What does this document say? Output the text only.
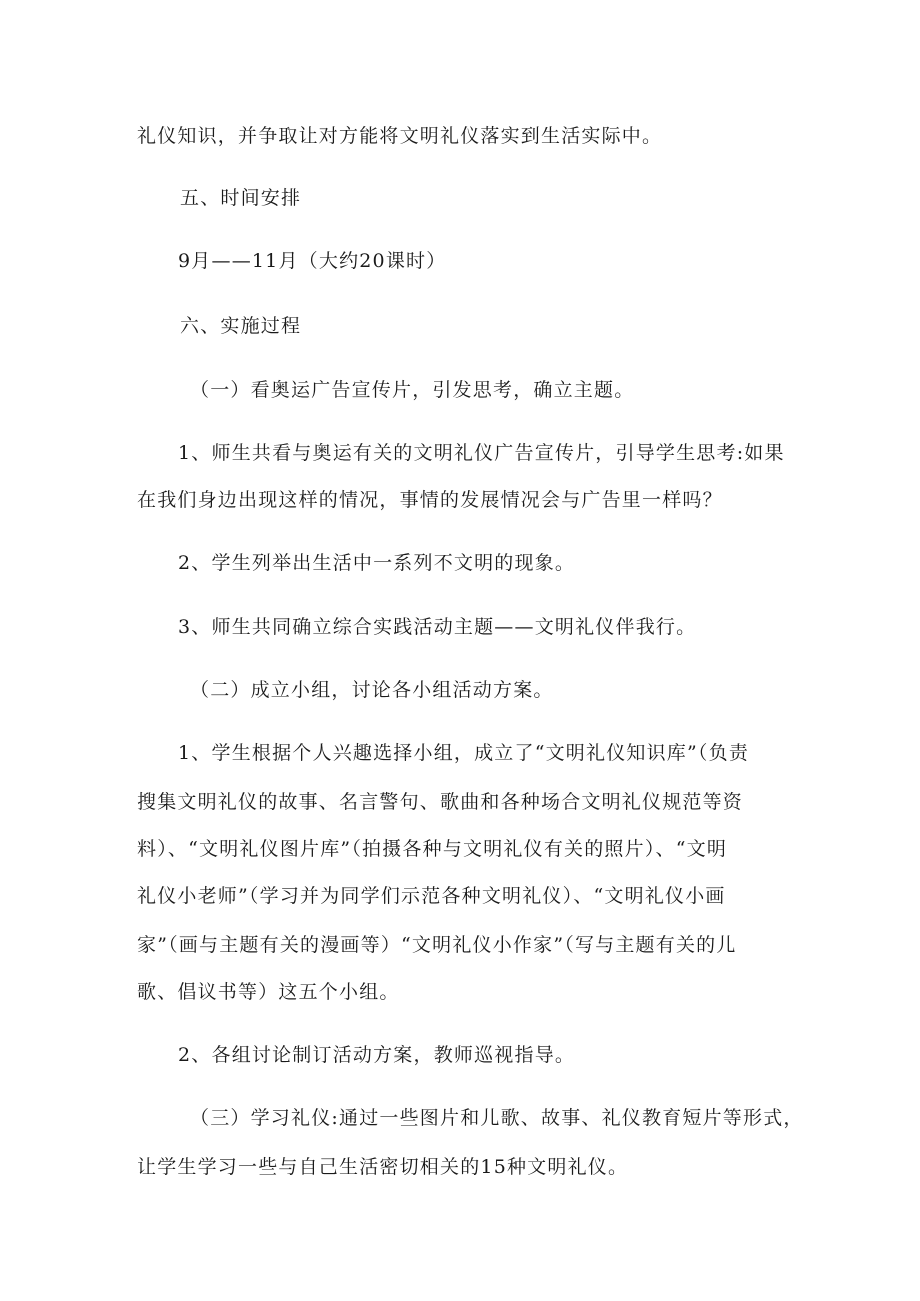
礼仪知识，并争取让对方能将文明礼仪落实到生活实际中。
五、时间安排
9月——11月（大约20课时）
六、实施过程
（一）看奥运广告宣传片，引发思考，确立主题。
1、师生共看与奥运有关的文明礼仪广告宣传片，引导学生思考:如果
在我们身边出现这样的情况，事情的发展情况会与广告里一样吗？
2、学生列举出生活中一系列不文明的现象。
3、师生共同确立综合实践活动主题——文明礼仪伴我行。
（二）成立小组，讨论各小组活动方案。
1、学生根据个人兴趣选择小组，成立了“文明礼仪知识库”（负责
搜集文明礼仪的故事、名言警句、歌曲和各种场合文明礼仪规范等资
料）、“文明礼仪图片库”（拍摄各种与文明礼仪有关的照片）、“文明
礼仪小老师”（学习并为同学们示范各种文明礼仪）、“文明礼仪小画
家”（画与主题有关的漫画等）“文明礼仪小作家”（写与主题有关的儿
歌、倡议书等）这五个小组。
2、各组讨论制订活动方案，教师巡视指导。
（三）学习礼仪:通过一些图片和儿歌、故事、礼仪教育短片等形式，
让学生学习一些与自己生活密切相关的15种文明礼仪。
